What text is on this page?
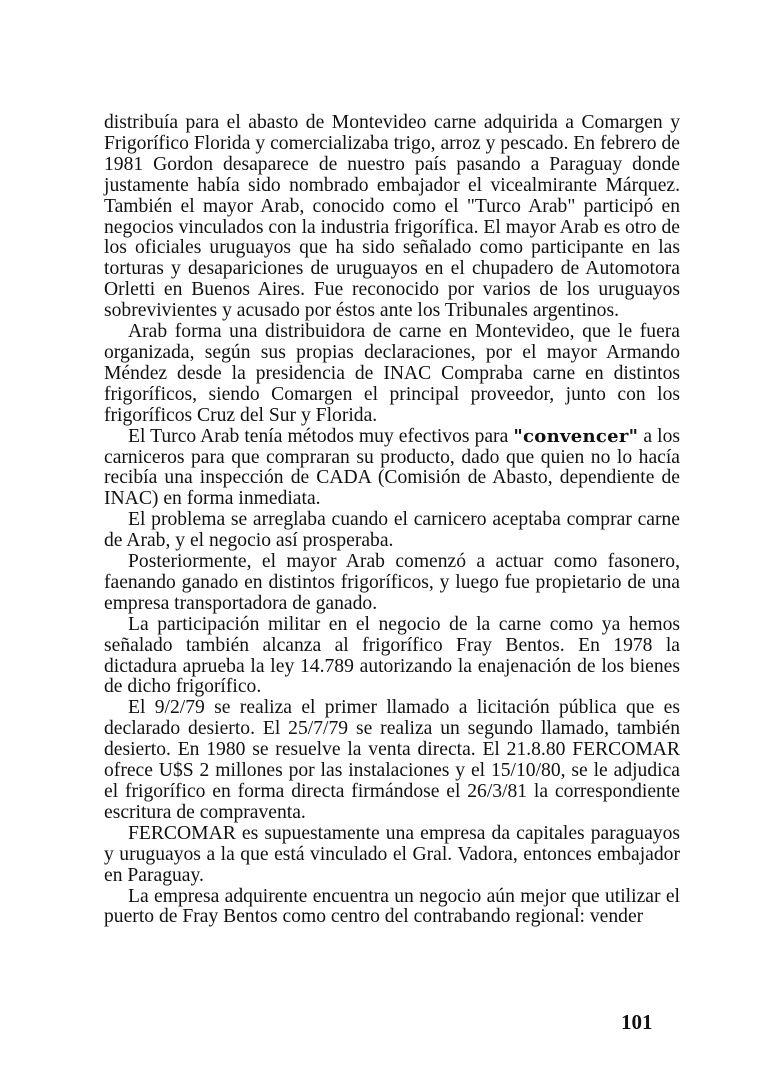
distribuía para el abasto de Montevideo carne adquirida a Comargen y Frigorífico Florida y comercializaba trigo, arroz y pescado. En febrero de 1981 Gordon desaparece de nuestro país pasando a Paraguay donde justamente había sido nombrado embajador el vicealmirante Márquez. También el mayor Arab, conocido como el "Turco Arab" participó en negocios vinculados con la industria frigorífica. El mayor Arab es otro de los oficiales uruguayos que ha sido señalado como participante en las torturas y desapariciones de uruguayos en el chupadero de Automotora Orletti en Buenos Aires. Fue reconocido por varios de los uruguayos sobrevivientes y acusado por éstos ante los Tribunales argentinos.

Arab forma una distribuidora de carne en Montevideo, que le fuera organizada, según sus propias declaraciones, por el mayor Armando Méndez desde la presidencia de INAC Compraba carne en distintos frigoríficos, siendo Comargen el principal proveedor, junto con los frigoríficos Cruz del Sur y Florida.

El Turco Arab tenía métodos muy efectivos para "convencer" a los carniceros para que compraran su producto, dado que quien no lo hacía recibía una inspección de CADA (Comisión de Abasto, dependiente de INAC) en forma inmediata.

El problema se arreglaba cuando el carnicero aceptaba comprar carne de Arab, y el negocio así prosperaba.

Posteriormente, el mayor Arab comenzó a actuar como fasonero, faenando ganado en distintos frigoríficos, y luego fue propietario de una empresa transportadora de ganado.

La participación militar en el negocio de la carne como ya hemos señalado también alcanza al frigorífico Fray Bentos. En 1978 la dictadura aprueba la ley 14.789 autorizando la enajenación de los bienes de dicho frigorífico.

El 9/2/79 se realiza el primer llamado a licitación pública que es declarado desierto. El 25/7/79 se realiza un segundo llamado, también desierto. En 1980 se resuelve la venta directa. El 21.8.80 FERCOMAR ofrece U$S 2 millones por las instalaciones y el 15/10/80, se le adjudica el frigorífico en forma directa firmándose el 26/3/81 la correspondiente escritura de compraventa.

FERCOMAR es supuestamente una empresa da capitales paraguayos y uruguayos a la que está vinculado el Gral. Vadora, entonces embajador en Paraguay.

La empresa adquirente encuentra un negocio aún mejor que utilizar el puerto de Fray Bentos como centro del contrabando regional: vender

101
